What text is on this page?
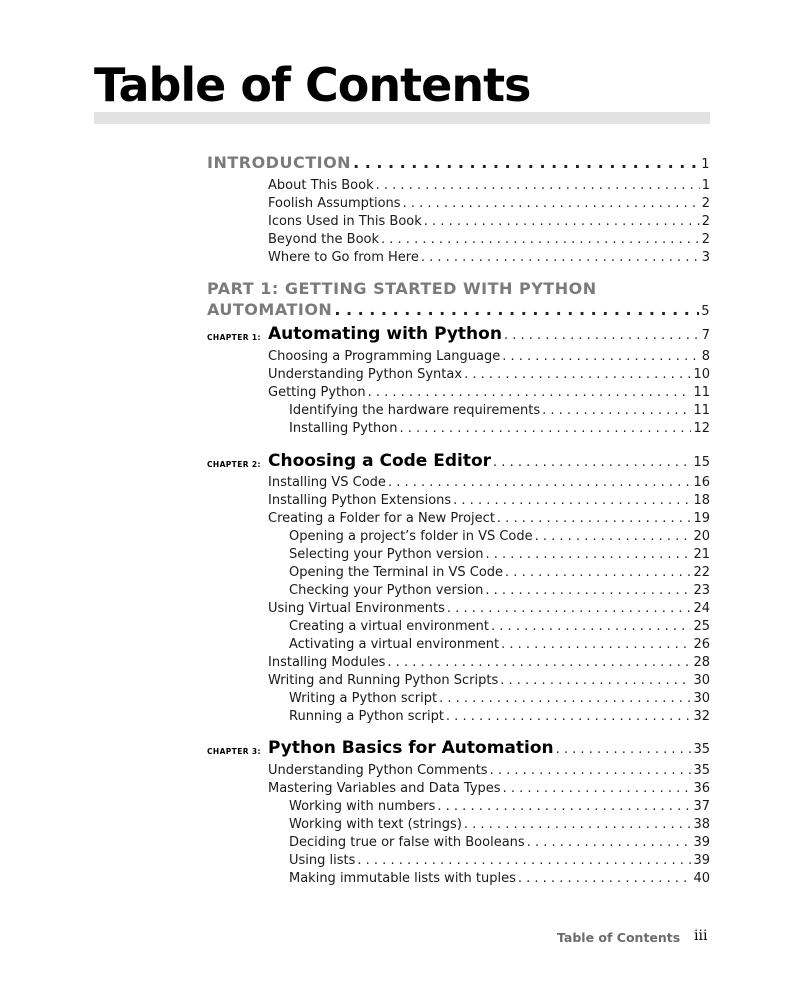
Table of Contents
INTRODUCTION . . .	1
About This Book . . .	1
Foolish Assumptions . . .	2
Icons Used in This Book . . .	2
Beyond the Book . . .	2
Where to Go from Here . . .	3
PART 1: GETTING STARTED WITH PYTHON
AUTOMATION . . .	5
CHAPTER 1: Automating with Python . . .	7
Choosing a Programming Language . . .	8
Understanding Python Syntax . . .	10
Getting Python . . .	11
Identifying the hardware requirements . . .	11
Installing Python . . .	12
CHAPTER 2: Choosing a Code Editor . . .	15
Installing VS Code . . .	16
Installing Python Extensions . . .	18
Creating a Folder for a New Project . . .	19
Opening a project’s folder in VS Code . . .	20
Selecting your Python version . . .	21
Opening the Terminal in VS Code . . .	22
Checking your Python version . . .	23
Using Virtual Environments . . .	24
Creating a virtual environment . . .	25
Activating a virtual environment . . .	26
Installing Modules . . .	28
Writing and Running Python Scripts . . .	30
Writing a Python script . . .	30
Running a Python script . . .	32
CHAPTER 3: Python Basics for Automation . . .	35
Understanding Python Comments . . .	35
Mastering Variables and Data Types . . .	36
Working with numbers . . .	37
Working with text (strings) . . .	38
Deciding true or false with Booleans . . .	39
Using lists . . .	39
Making immutable lists with tuples . . .	40
Table of Contents iii
